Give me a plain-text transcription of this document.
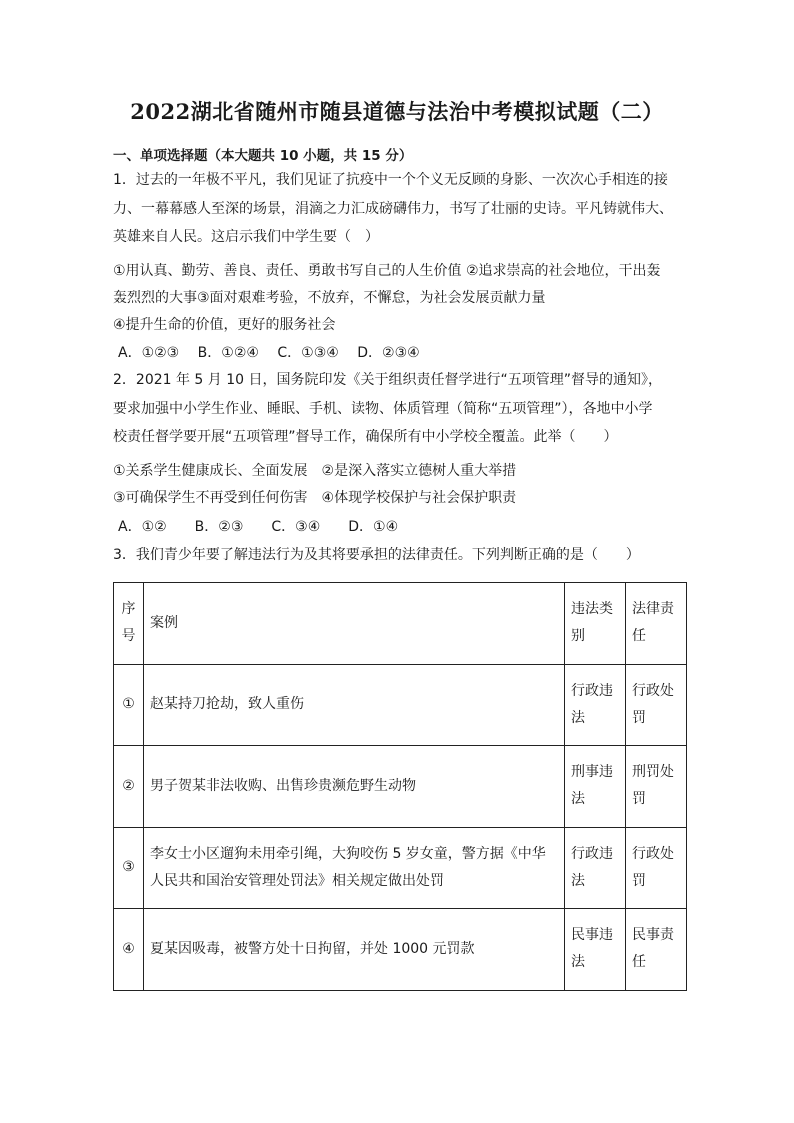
2022湖北省随州市随县道德与法治中考模拟试题（二）
一、单项选择题（本大题共 10 小题，共 15 分）
1．过去的一年极不平凡，我们见证了抗疫中一个个义无反顾的身影、一次次心手相连的接
力、一幕幕感人至深的场景，涓滴之力汇成磅礴伟力，书写了壮丽的史诗。平凡铸就伟大、
英雄来自人民。这启示我们中学生要（　）
①用认真、勤劳、善良、责任、勇敢书写自己的人生价值 ②追求崇高的社会地位，干出轰
轰烈烈的大事③面对艰难考验，不放弃，不懈怠，为社会发展贡献力量
④提升生命的价值，更好的服务社会
A．①②③　 B．①②④　 C．①③④　 D．②③④
2．2021 年 5 月 10 日，国务院印发《关于组织责任督学进行“五项管理”督导的通知》，
要求加强中小学生作业、睡眠、手机、读物、体质管理（简称“五项管理”），各地中小学
校责任督学要开展“五项管理”督导工作，确保所有中小学校全覆盖。此举（　　）
①关系学生健康成长、全面发展　②是深入落实立德树人重大举措
③可确保学生不再受到任何伤害　④体现学校保护与社会保护职责
A．①②　　B．②③　　C．③④　　D．①④
3．我们青少年要了解违法行为及其将要承担的法律责任。下列判断正确的是（　　）
序号	案例	违法类别	法律责任

①	赵某持刀抢劫，致人重伤	行政违法	行政处罚

②	男子贺某非法收购、出售珍贵濒危野生动物	刑事违法	刑罚处罚

③	李女士小区遛狗未用牵引绳，大狗咬伤 5 岁女童，警方据《中华人民共和国治安管理处罚法》相关规定做出处罚	行政违法	行政处罚

④	夏某因吸毒，被警方处十日拘留，并处 1000 元罚款	民事违法	民事责任
